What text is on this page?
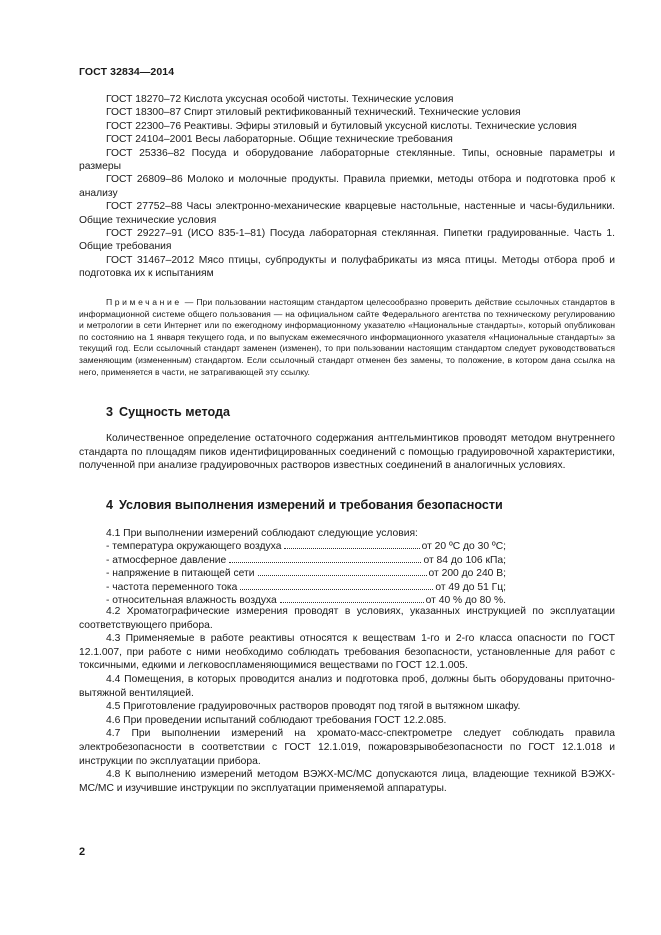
ГОСТ 32834—2014

ГОСТ 18270–72 Кислота уксусная особой чистоты. Технические условия

ГОСТ 18300–87 Спирт этиловый ректификованный технический. Технические условия

ГОСТ 22300–76 Реактивы. Эфиры этиловый и бутиловый уксусной кислоты. Технические условия

ГОСТ 24104–2001 Весы лабораторные. Общие технические требования

ГОСТ 25336–82 Посуда и оборудование лабораторные стеклянные. Типы, основные параметры и размеры

ГОСТ 26809–86 Молоко и молочные продукты. Правила приемки, методы отбора и подготовка проб к анализу

ГОСТ 27752–88 Часы электронно-механические кварцевые настольные, настенные и часы-будильники. Общие технические условия

ГОСТ 29227–91 (ИСО 835-1–81) Посуда лабораторная стеклянная. Пипетки градуированные. Часть 1. Общие требования

ГОСТ 31467–2012 Мясо птицы, субпродукты и полуфабрикаты из мяса птицы. Методы отбора проб и подготовка их к испытаниям

Примечание — При пользовании настоящим стандартом целесообразно проверить действие ссылочных стандартов в информационной системе общего пользования — на официальном сайте Федерального агентства по техническому регулированию и метрологии в сети Интернет или по ежегодному информационному указателю «Национальные стандарты», который опубликован по состоянию на 1 января текущего года, и по выпускам ежемесячного информационного указателя «Национальные стандарты» за текущий год. Если ссылочный стандарт заменен (изменен), то при пользовании настоящим стандартом следует руководствоваться заменяющим (измененным) стандартом. Если ссылочный стандарт отменен без замены, то положение, в котором дана ссылка на него, применяется в части, не затрагивающей эту ссылку.
3 Сущность метода

Количественное определение остаточного содержания антгельминтиков проводят методом внутреннего стандарта по площадям пиков идентифицированных соединений с помощью градуировочной характеристики, полученной при анализе градуировочных растворов известных соединений в аналогичных условиях.

4 Условия выполнения измерений и требования безопасности

4.1 При выполнении измерений соблюдают следующие условия:

- температура окружающего воздуха	от 20 ºС до 30 ºС;
- атмосферное давление	от 84 до 106 кПа;
- напряжение в питающей сети	от 200 до 240 В;
- частота переменного тока	от 49 до 51 Гц;
- относительная влажность воздуха	от 40 % до 80 %.

4.2 Хроматографические измерения проводят в условиях, указанных инструкцией по эксплуатации соответствующего прибора.

4.3 Применяемые в работе реактивы относятся к веществам 1-го и 2-го класса опасности по ГОСТ 12.1.007, при работе с ними необходимо соблюдать требования безопасности, установленные для работ с токсичными, едкими и легковоспламеняющимися веществами по ГОСТ 12.1.005.

4.4 Помещения, в которых проводится анализ и подготовка проб, должны быть оборудованы приточно-вытяжной вентиляцией.

4.5 Приготовление градуировочных растворов проводят под тягой в вытяжном шкафу.

4.6 При проведении испытаний соблюдают требования ГОСТ 12.2.085.

4.7 При выполнении измерений на хромато-масс-спектрометре следует соблюдать правила электробезопасности в соответствии с ГОСТ 12.1.019, пожаровзрывобезопасности по ГОСТ 12.1.018 и инструкции по эксплуатации прибора.

4.8 К выполнению измерений методом ВЭЖХ-МС/МС допускаются лица, владеющие техникой ВЭЖХ-МС/МС и изучившие инструкции по эксплуатации применяемой аппаратуры.

2
